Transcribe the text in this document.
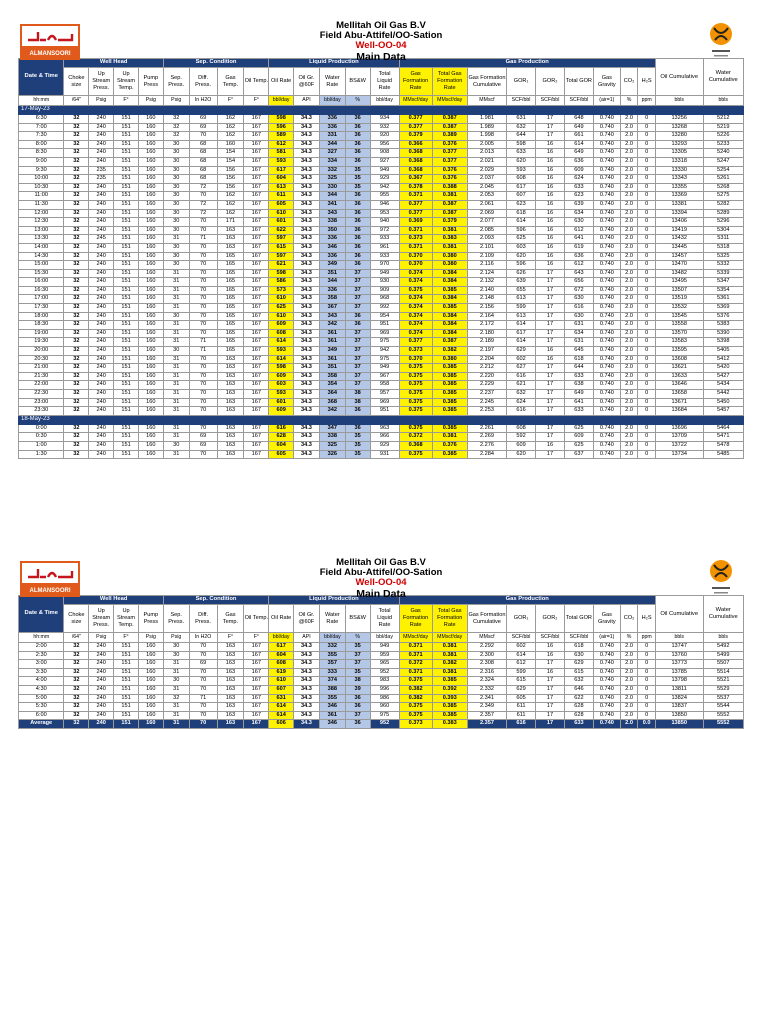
ALMANSOORI
Mellitah Oil Gas B.V
Field Abu-Attifel/OO-Sation
Well-OO-04
Main Data
Date & Time	Well Head				Sep. Condition				Liquid Production					Gas Production									Oil Cumulative	Water Cumulative
	Choke size	Up Stream Press.	Up Stream Temp.	Pump Press	Sep. Press.	Diff. Press.	Gas Temp.	Oil Temp.	Oil Rate	Oil Gr. @60F	Water Rate	BS&W	Total Liquid Rate	Gas Formation Rate	Total Gas Formation Rate	Gas Formation Cumulative	GOR₁	GOR₂	Total GOR	Gas Gravity	CO₂	H₂S		
hh:mm	/64"	Psig	F°	Psig	Psig	In H2O	F°	F°	bbl/day	API	bbl/day	%	bbl/day	MMscf/day	MMscf/day	MMscf	SCF/bbl	SCF/bbl	SCF/bbl	(air=1)	%	ppm	bbls	bbls
17-May-23																								
6:30	32	240	151	160	32	69	162	167	598	34.3	336	36	934	0.377	0.387	1.981	631	17	648	0.740	2.0	0	13256	5212
7:00	32	240	151	160	32	69	162	167	596	34.3	336	36	932	0.377	0.387	1.989	632	17	649	0.740	2.0	0	13268	5219
7:30	32	240	151	160	32	70	162	167	589	34.3	331	36	920	0.379	0.389	1.998	644	17	661	0.740	2.0	0	13280	5226
8:00	32	240	151	160	30	68	160	167	612	34.3	344	36	956	0.366	0.376	2.005	598	16	614	0.740	2.0	0	13293	5233
8:30	32	240	151	160	30	68	154	167	581	34.3	327	36	908	0.368	0.377	2.013	633	16	649	0.740	2.0	0	13305	5240
9:00	32	240	151	160	30	68	154	167	593	34.3	334	36	927	0.368	0.377	2.021	620	16	636	0.740	2.0	0	13318	5247
9:30	32	235	151	160	30	68	156	167	617	34.3	332	35	949	0.368	0.376	2.029	593	16	609	0.740	2.0	0	13330	5254
10:00	32	235	151	160	30	68	156	167	604	34.3	325	35	929	0.367	0.376	2.037	608	16	624	0.740	2.0	0	13343	5261
10:30	32	240	151	160	30	72	156	167	613	34.3	330	35	942	0.378	0.388	2.045	617	16	633	0.740	2.0	0	13355	5268
11:00	32	240	151	160	30	70	162	167	611	34.3	344	36	955	0.371	0.381	2.053	607	16	623	0.740	2.0	0	13369	5275
11:30	32	240	151	160	30	72	162	167	605	34.3	341	36	946	0.377	0.387	2.061	623	16	639	0.740	2.0	0	13381	5282
12:00	32	240	151	160	30	72	162	167	610	34.3	343	36	953	0.377	0.387	2.069	618	16	634	0.740	2.0	0	13394	5289
12:30	32	240	151	160	30	70	171	167	601	34.3	338	36	940	0.369	0.379	2.077	614	16	630	0.740	2.0	0	13406	5296
13:00	32	240	151	160	30	70	163	167	622	34.3	350	36	972	0.371	0.381	2.085	596	16	612	0.740	2.0	0	13419	5304
13:30	32	245	151	160	31	71	163	167	597	34.3	336	36	933	0.373	0.383	2.093	625	16	641	0.740	2.0	0	13432	5311
14:00	32	240	151	160	30	70	163	167	615	34.3	346	36	961	0.371	0.381	2.101	603	16	619	0.740	2.0	0	13445	5318
14:30	32	240	151	160	30	70	165	167	597	34.3	336	36	933	0.370	0.380	2.109	620	16	636	0.740	2.0	0	13457	5325
15:00	32	240	151	160	30	70	165	167	621	34.3	349	36	970	0.370	0.380	2.116	596	16	612	0.740	2.0	0	13470	5332
15:30	32	240	151	160	31	70	165	167	598	34.3	351	37	949	0.374	0.384	2.124	626	17	643	0.740	2.0	0	13482	5339
16:00	32	240	151	160	31	70	165	167	586	34.3	344	37	930	0.374	0.384	2.132	639	17	656	0.740	2.0	0	13495	5347
16:30	32	240	151	160	31	70	165	167	573	34.3	336	37	909	0.375	0.385	2.140	655	17	672	0.740	2.0	0	13507	5354
17:00	32	240	151	160	31	70	165	167	610	34.3	358	37	968	0.374	0.384	2.148	613	17	630	0.740	2.0	0	13519	5361
17:30	32	240	151	160	31	70	165	167	625	34.3	367	37	992	0.374	0.385	2.156	599	17	616	0.740	2.0	0	13532	5369
18:00	32	240	151	160	30	70	165	167	610	34.3	343	36	954	0.374	0.384	2.164	613	17	630	0.740	2.0	0	13545	5376
18:30	32	240	151	160	31	70	165	167	609	34.3	342	36	951	0.374	0.384	2.172	614	17	631	0.740	2.0	0	13558	5383
19:00	32	240	151	160	31	70	165	167	608	34.3	361	37	969	0.374	0.384	2.180	617	17	634	0.740	2.0	0	13570	5390
19:30	32	240	151	160	31	71	165	167	614	34.3	361	37	975	0.377	0.387	2.189	614	17	631	0.740	2.0	0	13583	5398
20:00	32	240	151	160	30	71	165	167	593	34.3	349	37	942	0.373	0.382	2.197	629	16	645	0.740	2.0	0	13595	5405
20:30	32	240	151	160	31	70	163	167	614	34.3	361	37	975	0.370	0.380	2.204	602	16	618	0.740	2.0	0	13608	5412
21:00	32	240	151	160	31	70	163	167	598	34.3	351	37	949	0.375	0.385	2.212	627	17	644	0.740	2.0	0	13621	5420
21:30	32	240	151	160	31	70	163	167	609	34.3	358	37	967	0.375	0.385	2.220	616	17	633	0.740	2.0	0	13633	5427
22:00	32	240	151	160	31	70	163	167	603	34.3	354	37	958	0.375	0.385	2.229	621	17	638	0.740	2.0	0	13646	5434
22:30	32	240	151	160	31	70	163	167	593	34.3	364	38	957	0.375	0.385	2.237	632	17	649	0.740	2.0	0	13658	5442
23:00	32	240	151	160	31	70	163	167	601	34.3	368	38	969	0.375	0.385	2.245	624	17	641	0.740	2.0	0	13671	5450
23:30	32	240	151	160	31	70	163	167	609	34.3	342	36	951	0.375	0.385	2.253	616	17	633	0.740	2.0	0	13684	5457
18-May-23																								
0:00	32	240	151	160	31	70	163	167	616	34.3	347	36	963	0.375	0.385	2.261	608	17	625	0.740	2.0	0	13696	5464
0:30	32	240	151	160	31	69	163	167	628	34.3	338	35	966	0.372	0.381	2.269	592	17	609	0.740	2.0	0	13709	5471
1:00	32	240	151	160	30	69	163	167	604	34.3	325	35	929	0.368	0.376	2.276	609	16	625	0.740	2.0	0	13722	5478
1:30	32	240	151	160	31	70	163	167	605	34.3	326	35	931	0.375	0.385	2.284	620	17	637	0.740	2.0	0	13734	5485
ALMANSOORI
Mellitah Oil Gas B.V
Field Abu-Attifel/OO-Sation
Well-OO-04
Main Data
Date & Time	Well Head				Sep. Condition				Liquid Production					Gas Production									Oil Cumulative	Water Cumulative
	Choke size	Up Stream Press.	Up Stream Temp.	Pump Press	Sep. Press.	Diff. Press.	Gas Temp.	Oil Temp.	Oil Rate	Oil Gr. @60F	Water Rate	BS&W	Total Liquid Rate	Gas Formation Rate	Total Gas Formation Rate	Gas Formation Cumulative	GOR₁	GOR₂	Total GOR	Gas Gravity	CO₂	H₂S		
hh:mm	/64"	Psig	F°	Psig	Psig	In H2O	F°	F°	bbl/day	API	bbl/day	%	bbl/day	MMscf/day	MMscf/day	MMscf	SCF/bbl	SCF/bbl	SCF/bbl	(air=1)	%	ppm	bbls	bbls
2:00	32	240	151	160	30	70	163	167	617	34.3	332	35	949	0.371	0.381	2.292	602	16	618	0.740	2.0	0	13747	5492
2:30	32	240	151	160	30	70	163	167	604	34.3	355	37	959	0.371	0.381	2.300	614	16	630	0.740	2.0	0	13760	5499
3:00	32	240	151	160	31	69	163	167	608	34.3	357	37	965	0.372	0.382	2.308	612	17	629	0.740	2.0	0	13773	5507
3:30	32	240	151	160	31	70	163	167	619	34.3	333	35	952	0.371	0.381	2.316	599	16	615	0.740	2.0	0	13785	5514
4:00	32	240	151	160	30	70	163	167	610	34.3	374	38	983	0.375	0.385	2.324	615	17	632	0.740	2.0	0	13798	5521
4:30	32	240	151	160	31	70	163	167	607	34.3	388	39	996	0.382	0.392	2.332	629	17	646	0.740	2.0	0	13811	5529
5:00	32	240	151	160	32	71	163	167	631	34.3	355	36	986	0.382	0.393	2.341	605	17	622	0.740	2.0	0	13824	5537
5:30	32	240	151	160	31	70	163	167	614	34.3	346	36	960	0.375	0.385	2.349	611	17	628	0.740	2.0	0	13837	5544
6:00	32	240	151	160	31	70	163	167	614	34.3	361	37	975	0.375	0.385	2.357	611	17	628	0.740	2.0	0	13850	5552
Average	32	240	151	160	31	70	163	167	606	34.3	346	36	952	0.373	0.383	2.357	616	17	633	0.740	2.0	0.0	13850	5552
